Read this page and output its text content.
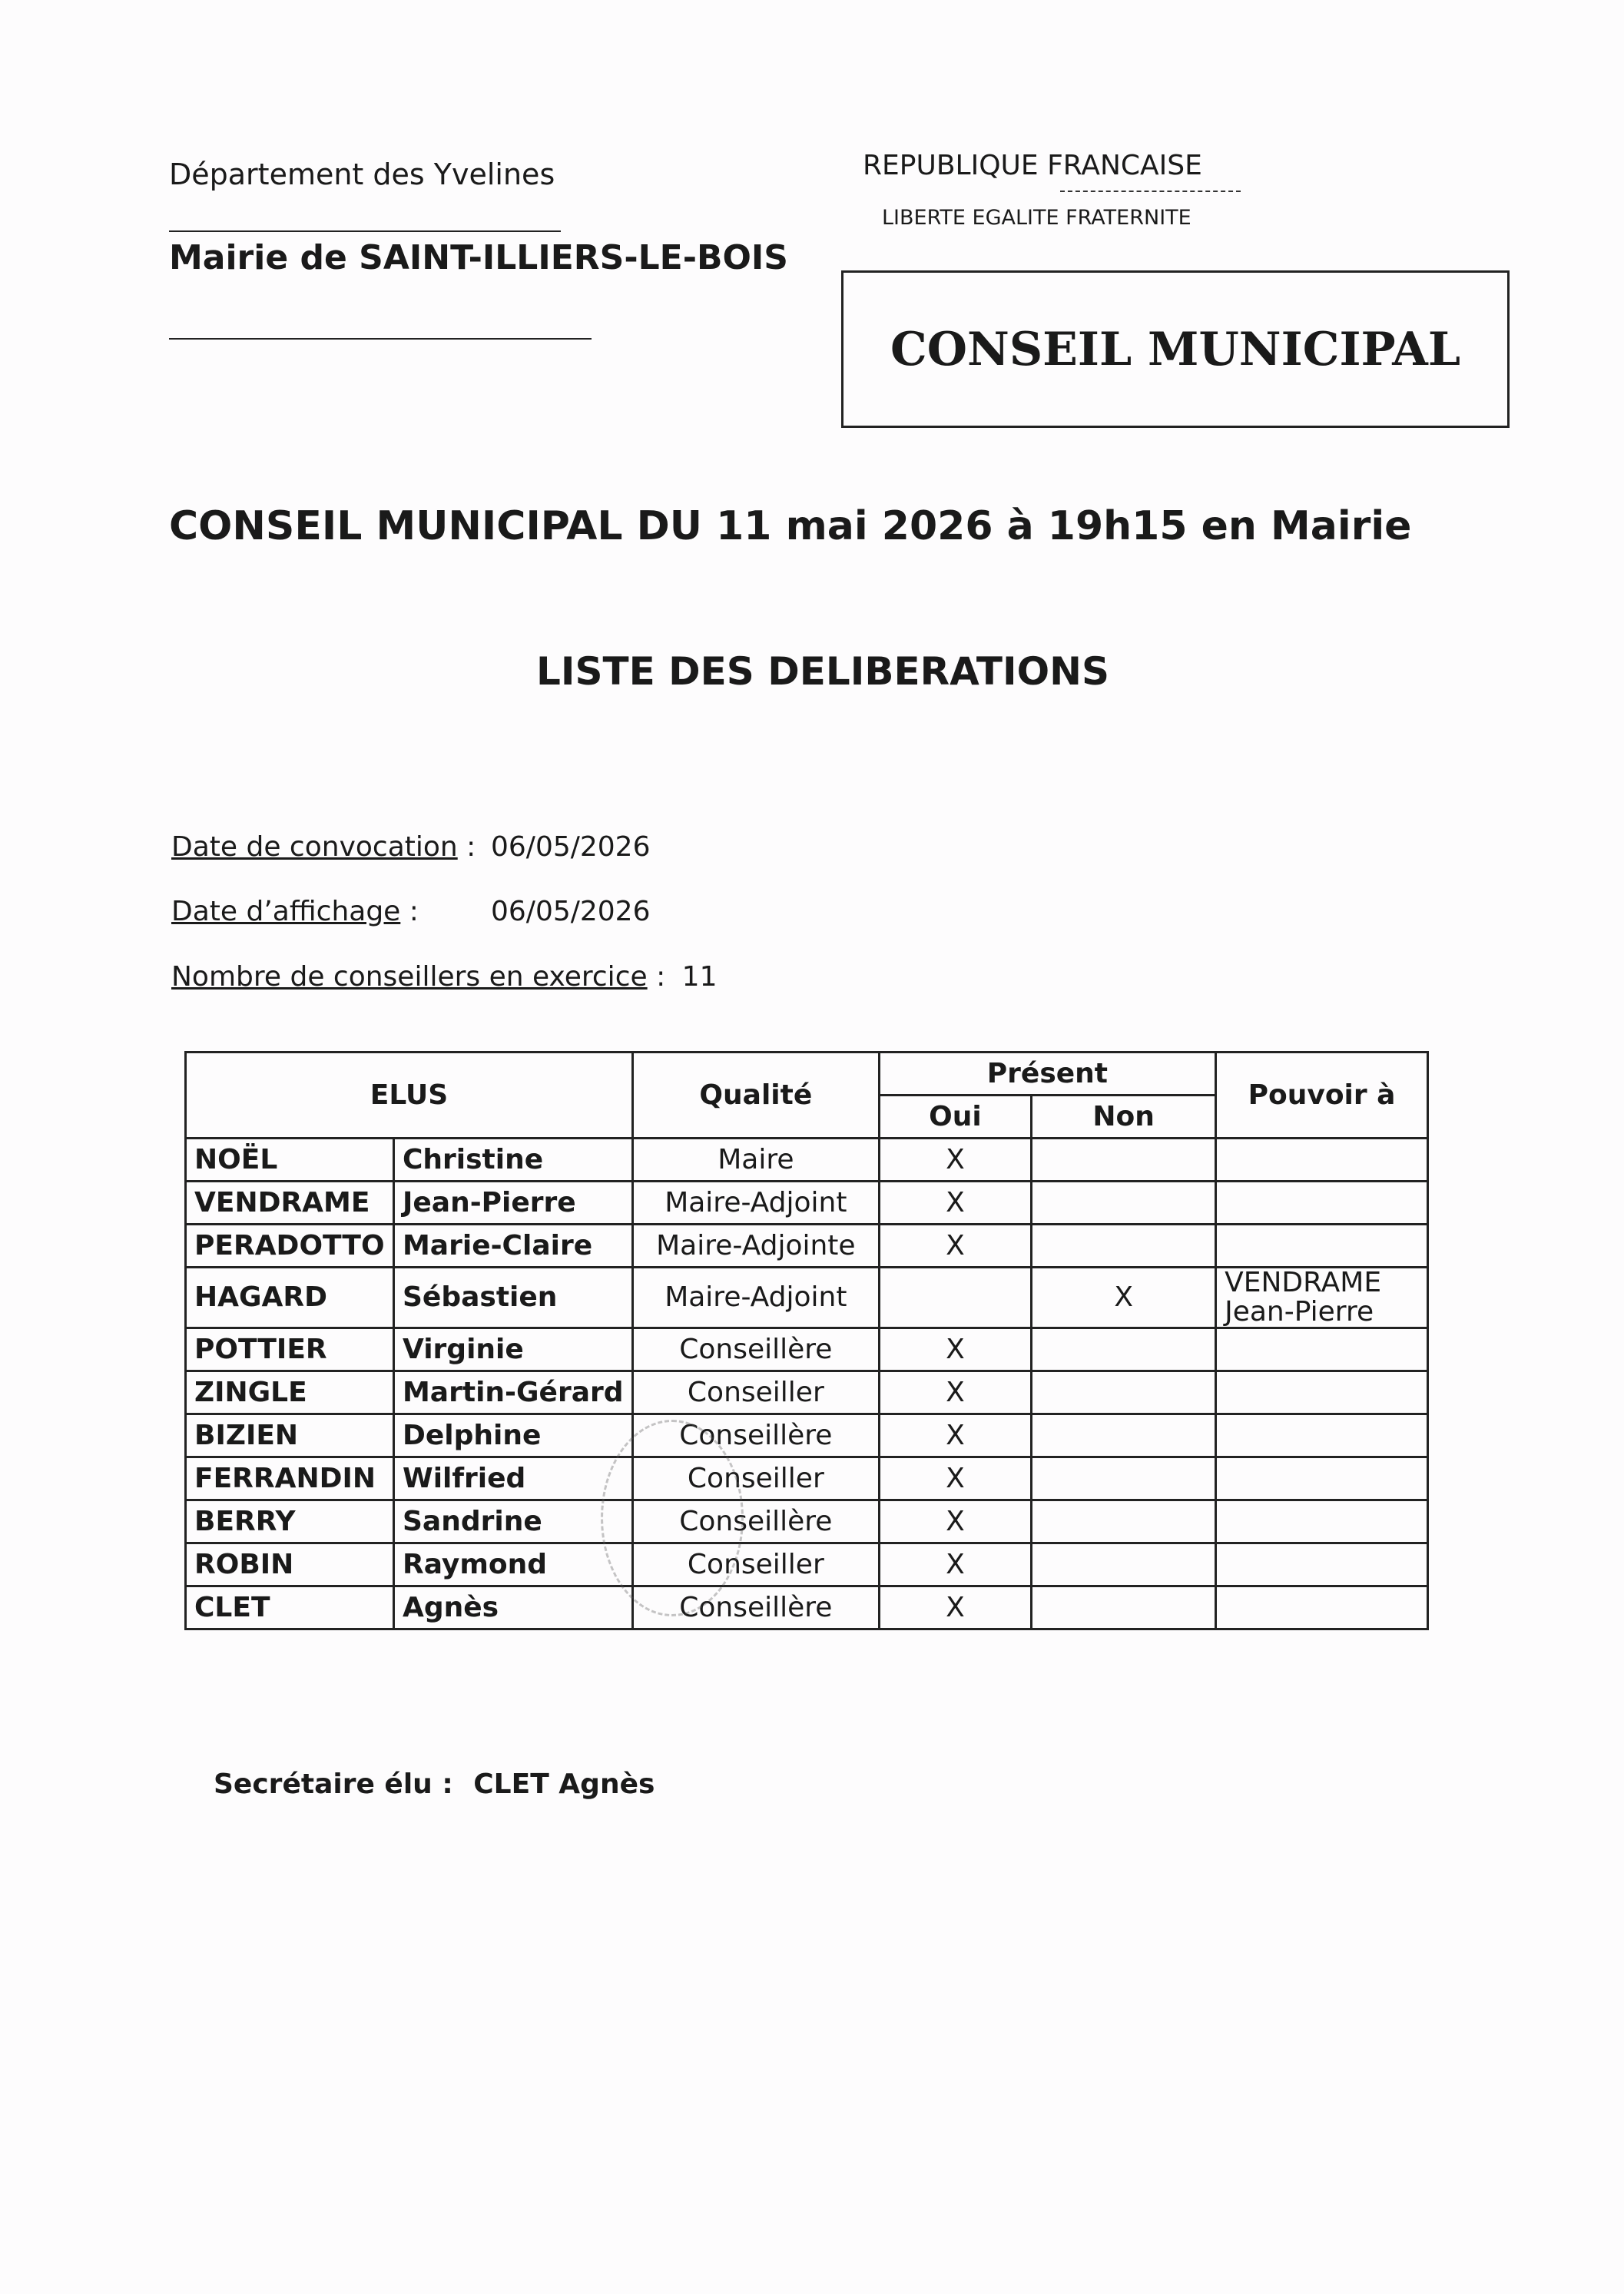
Département des Yvelines
Mairie de SAINT-ILLIERS-LE-BOIS
REPUBLIQUE FRANCAISE
LIBERTE EGALITE FRATERNITE
CONSEIL MUNICIPAL
CONSEIL MUNICIPAL DU 11 mai 2026 à 19h15 en Mairie
LISTE DES DELIBERATIONS
Date de convocation : 06/05/2026
Date d’affichage :	06/05/2026
Nombre de conseillers en exercice : 11
ELUS		Qualité	Présent		Pouvoir à
			Oui	Non	
NOËL	Christine	Maire	X		

VENDRAME	Jean-Pierre	Maire-Adjoint	X		

PERADOTTO	Marie-Claire	Maire-Adjointe	X		

HAGARD	Sébastien	Maire-Adjoint		X	VENDRAME
Jean-Pierre

POTTIER	Virginie	Conseillère	X		

ZINGLE	Martin-Gérard	Conseiller	X		

BIZIEN	Delphine	Conseillère	X		

FERRANDIN	Wilfried	Conseiller	X		

BERRY	Sandrine	Conseillère	X		

ROBIN	Raymond	Conseiller	X		

CLET	Agnès	Conseillère	X		
Secrétaire élu : CLET Agnès
